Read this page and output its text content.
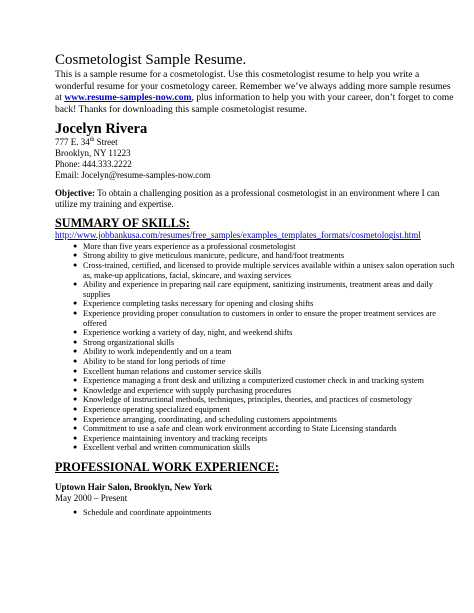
Cosmetologist Sample Resume.

This is a sample resume for a cosmetologist. Use this cosmetologist resume to help you write a wonderful resume for your cosmetology career. Remember we’ve always adding more sample resumes at www.resume-samples-now.com, plus information to help you with your career, don’t forget to come back! Thanks for downloading this sample cosmetologist resume.

Jocelyn Rivera
777 E. 34th Street
Brooklyn, NY 11223
Phone: 444.333.2222
Email: Jocelyn@resume-samples-now.com
Objective: To obtain a challenging position as a professional cosmetologist in an environment where I can utilize my training and expertise.
SUMMARY OF SKILLS:
http://www.jobbankusa.com/resumes/free_samples/examples_templates_formats/cosmetologist.html
● More than five years experience as a professional cosmetologist
● Strong ability to give meticulous manicure, pedicure, and hand/foot treatments
● Cross-trained, certified, and licensed to provide multiple services available within a unisex salon operation such as, make-up applications, facial, skincare, and waxing services
● Ability and experience in preparing nail care equipment, sanitizing instruments, treatment areas and daily supplies
● Experience completing tasks necessary for opening and closing shifts
● Experience providing proper consultation to customers in order to ensure the proper treatment services are offered
● Experience working a variety of day, night, and weekend shifts
● Strong organizational skills
● Ability to work independently and on a team
● Ability to be stand for long periods of time
● Excellent human relations and customer service skills
● Experience managing a front desk and utilizing a computerized customer check in and tracking system
● Knowledge and experience with supply purchasing procedures
● Knowledge of instructional methods, techniques, principles, theories, and practices of cosmetology
● Experience operating specialized equipment
● Experience arranging, coordinating, and scheduling customers appointments
● Commitment to use a safe and clean work environment according to State Licensing standards
● Experience maintaining inventory and tracking receipts
● Excellent verbal and written communication skills
PROFESSIONAL WORK EXPERIENCE:
Uptown Hair Salon, Brooklyn, New York
May 2000 – Present
● Schedule and coordinate appointments
